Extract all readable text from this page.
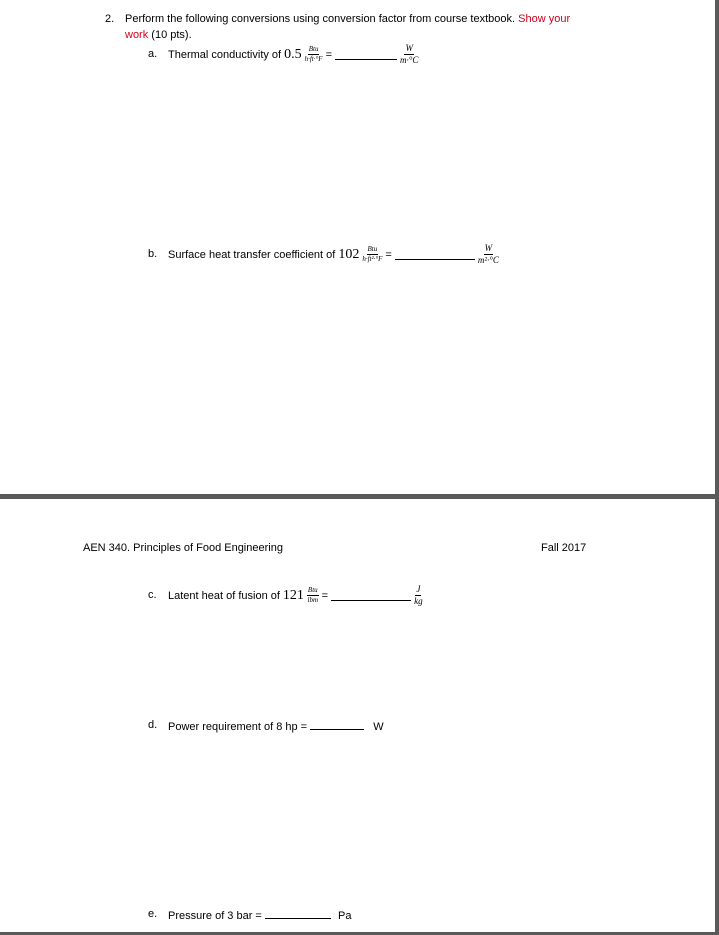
2. Perform the following conversions using conversion factor from course textbook. Show your
work (10 pts).
a. Thermal conductivity of $0.5 \frac{\text{Btu}}{h\cdot ft\cdot^\circ F}$ =	$\frac{W}{m\cdot^\circ C}$
b. Surface heat transfer coefficient of $102 \frac{\text{Btu}}{\text{h·ft²·°F}}$ =	$\frac{W}{\text{m²·°C}}$
AEN 340. Principles of Food Engineering	Fall 2017
c. Latent heat of fusion of $121 \frac{\text{Btu}}{\text{lbm}}$ =	$\frac{J}{kg}$
d. Power requirement of 8 hp =	W
e. Pressure of 3 bar =	Pa
